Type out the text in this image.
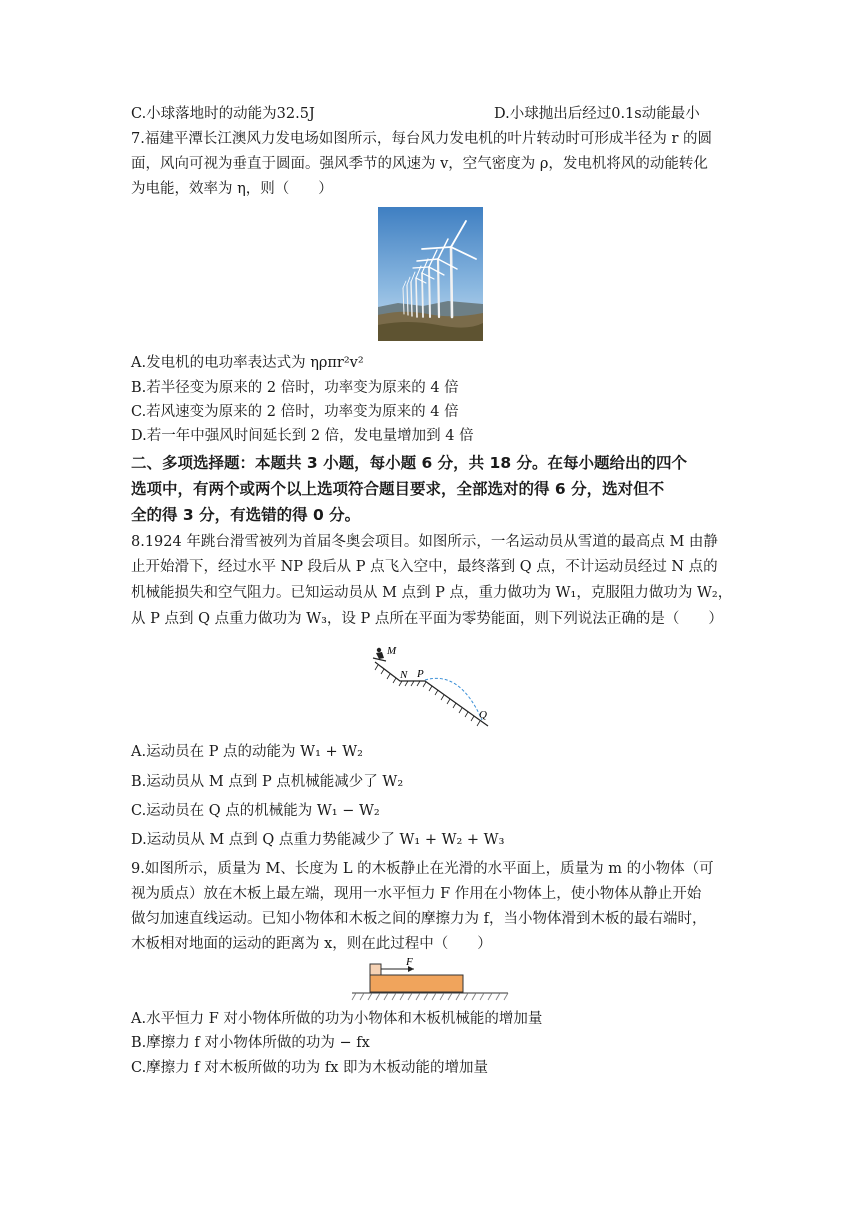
C.小球落地时的动能为32.5J	D.小球抛出后经过0.1s动能最小
7.福建平潭长江澳风力发电场如图所示，每台风力发电机的叶片转动时可形成半径为 r 的圆
面，风向可视为垂直于圆面。强风季节的风速为 v，空气密度为 ρ，发电机将风的动能转化
为电能，效率为 η，则（　　）
A.发电机的电功率表达式为 ηρπr²v²
B.若半径变为原来的 2 倍时，功率变为原来的 4 倍
C.若风速变为原来的 2 倍时，功率变为原来的 4 倍
D.若一年中强风时间延长到 2 倍，发电量增加到 4 倍
二、多项选择题：本题共 3 小题，每小题 6 分，共 18 分。在每小题给出的四个
选项中，有两个或两个以上选项符合题目要求，全部选对的得 6 分，选对但不
全的得 3 分，有选错的得 0 分。
8.1924 年跳台滑雪被列为首届冬奥会项目。如图所示，一名运动员从雪道的最高点 M 由静
止开始滑下，经过水平 NP 段后从 P 点飞入空中，最终落到 Q 点，不计运动员经过 N 点的
机械能损失和空气阻力。已知运动员从 M 点到 P 点，重力做功为 W₁，克服阻力做功为 W₂，
从 P 点到 Q 点重力做功为 W₃，设 P 点所在平面为零势能面，则下列说法正确的是（　　）
M
N P
Q
A.运动员在 P 点的动能为 W₁ + W₂
B.运动员从 M 点到 P 点机械能减少了 W₂
C.运动员在 Q 点的机械能为 W₁ − W₂
D.运动员从 M 点到 Q 点重力势能减少了 W₁ + W₂ + W₃
9.如图所示，质量为 M、长度为 L 的木板静止在光滑的水平面上，质量为 m 的小物体（可
视为质点）放在木板上最左端，现用一水平恒力 F 作用在小物体上，使小物体从静止开始
做匀加速直线运动。已知小物体和木板之间的摩擦力为 f，当小物体滑到木板的最右端时，
木板相对地面的运动的距离为 x，则在此过程中（　　）
F
A.水平恒力 F 对小物体所做的功为小物体和木板机械能的增加量
B.摩擦力 f 对小物体所做的功为 − fx
C.摩擦力 f 对木板所做的功为 fx 即为木板动能的增加量
